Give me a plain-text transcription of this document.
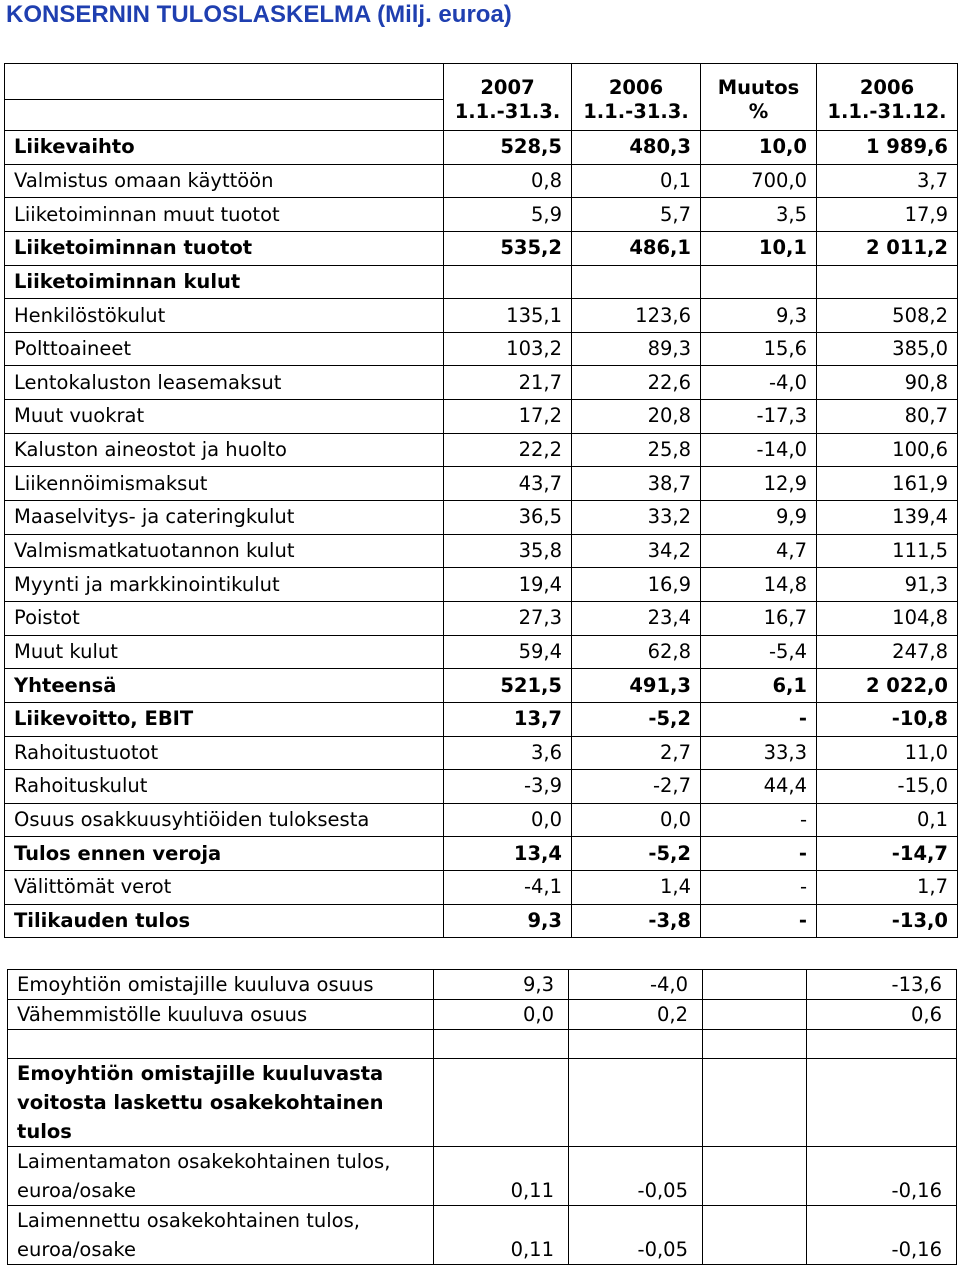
KONSERNIN TULOSLASKELMA (Milj. euroa)
	2007	2006	Muutos	2006
	1.1.-31.3.	1.1.-31.3.	%	1.1.-31.12.
Liikevaihto	528,5	480,3	10,0	1 989,6
Valmistus omaan käyttöön	0,8	0,1	700,0	3,7
Liiketoiminnan muut tuotot	5,9	5,7	3,5	17,9
Liiketoiminnan tuotot	535,2	486,1	10,1	2 011,2
Liiketoiminnan kulut				
Henkilöstökulut	135,1	123,6	9,3	508,2
Polttoaineet	103,2	89,3	15,6	385,0
Lentokaluston leasemaksut	21,7	22,6	-4,0	90,8
Muut vuokrat	17,2	20,8	-17,3	80,7
Kaluston aineostot ja huolto	22,2	25,8	-14,0	100,6
Liikennöimismaksut	43,7	38,7	12,9	161,9
Maaselvitys- ja cateringkulut	36,5	33,2	9,9	139,4
Valmismatkatuotannon kulut	35,8	34,2	4,7	111,5
Myynti ja markkinointikulut	19,4	16,9	14,8	91,3
Poistot	27,3	23,4	16,7	104,8
Muut kulut	59,4	62,8	-5,4	247,8
Yhteensä	521,5	491,3	6,1	2 022,0
Liikevoitto, EBIT	13,7	-5,2	-	-10,8
Rahoitustuotot	3,6	2,7	33,3	11,0
Rahoituskulut	-3,9	-2,7	44,4	-15,0
Osuus osakkuusyhtiöiden tuloksesta	0,0	0,0	-	0,1
Tulos ennen veroja	13,4	-5,2	-	-14,7
Välittömät verot	-4,1	1,4	-	1,7
Tilikauden tulos	9,3	-3,8	-	-13,0
Emoyhtiön omistajille kuuluva osuus	9,3	-4,0		-13,6
Vähemmistölle kuuluva osuus	0,0	0,2		0,6

Emoyhtiön omistajille kuuluvasta voitosta laskettu osakekohtainen tulos				
Laimentamaton osakekohtainen tulos, euroa/osake	0,11	-0,05		-0,16
Laimennettu osakekohtainen tulos, euroa/osake	0,11	-0,05		-0,16
